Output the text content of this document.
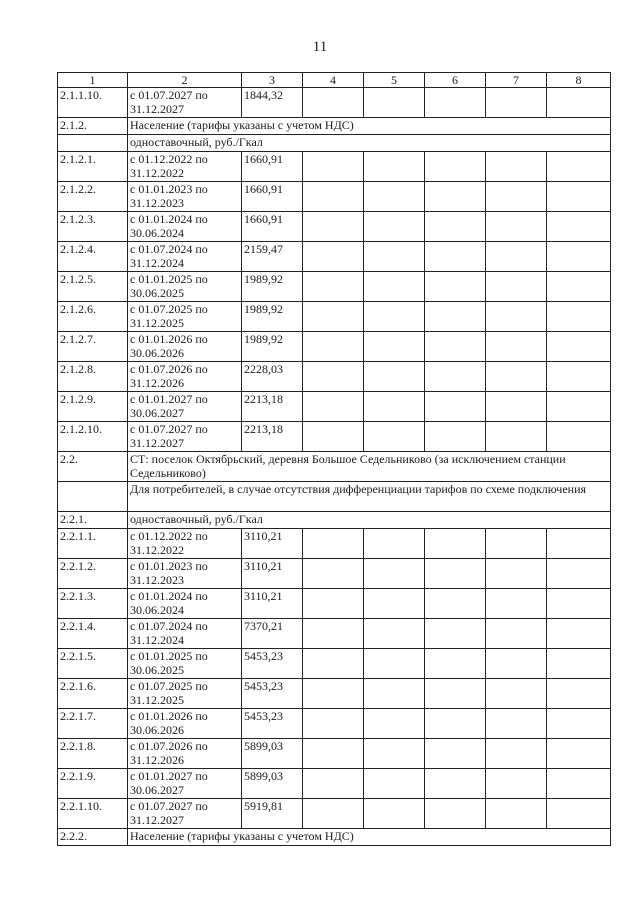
11
1	2	3	4	5	6	7	8
2.1.1.10.	с 01.07.2027 по 31.12.2027	1844,32					
2.1.2.	Население (тарифы указаны с учетом НДС)						
	одноставочный, руб./Гкал						
2.1.2.1.	с 01.12.2022 по 31.12.2022	1660,91					
2.1.2.2.	с 01.01.2023 по 31.12.2023	1660,91					
2.1.2.3.	с 01.01.2024 по 30.06.2024	1660,91					
2.1.2.4.	с 01.07.2024 по 31.12.2024	2159,47					
2.1.2.5.	с 01.01.2025 по 30.06.2025	1989,92					
2.1.2.6.	с 01.07.2025 по 31.12.2025	1989,92					
2.1.2.7.	с 01.01.2026 по 30.06.2026	1989,92					
2.1.2.8.	с 01.07.2026 по 31.12.2026	2228,03					
2.1.2.9.	с 01.01.2027 по 30.06.2027	2213,18					
2.1.2.10.	с 01.07.2027 по 31.12.2027	2213,18					
2.2.	СТ: поселок Октябрьский, деревня Большое Седельниково (за исключением станции Седельниково)						
	Для потребителей, в случае отсутствия дифференциации тарифов по схеме подключения						
2.2.1.	одноставочный, руб./Гкал						
2.2.1.1.	с 01.12.2022 по 31.12.2022	3110,21					
2.2.1.2.	с 01.01.2023 по 31.12.2023	3110,21					
2.2.1.3.	с 01.01.2024 по 30.06.2024	3110,21					
2.2.1.4.	с 01.07.2024 по 31.12.2024	7370,21					
2.2.1.5.	с 01.01.2025 по 30.06.2025	5453,23					
2.2.1.6.	с 01.07.2025 по 31.12.2025	5453,23					
2.2.1.7.	с 01.01.2026 по 30.06.2026	5453,23					
2.2.1.8.	с 01.07.2026 по 31.12.2026	5899,03					
2.2.1.9.	с 01.01.2027 по 30.06.2027	5899,03					
2.2.1.10.	с 01.07.2027 по 31.12.2027	5919,81					
2.2.2.	Население (тарифы указаны с учетом НДС)						
